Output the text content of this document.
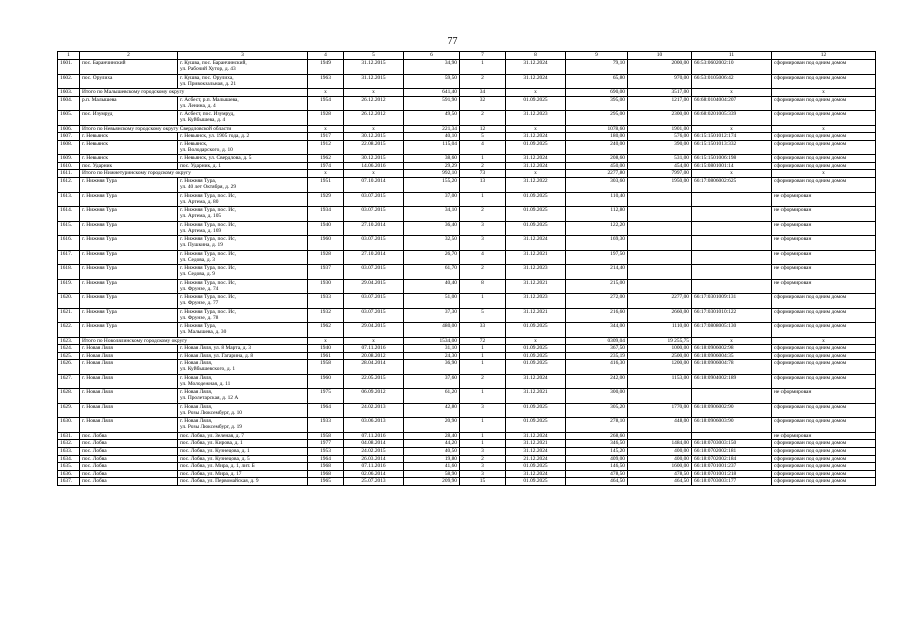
77
1	2	3	4	5	6	7	8	9	10	11	12
1601.	пос. Баранчинский	г. Кушва, пос. Баранчинский,
ул. Рабочий Хутор, д. 43	1949	31.12.2015	34,90	1	31.12.2024	79,10	2000,00	66:53:0602002:10	сформирован под одним домом
1602.	пос. Орулиха	г. Кушва, пос. Орулиха,
ул. Привокзальная, д. 21	1963	31.12.2015	59,50	2	31.12.2024	65,80	970,00	66:53:0105006:42	сформирован под одним домом
1603.	Итого по Малышевскому городскому округу		x	x	641,40	34	x	690,00	3517,00	x	x
1604.	р.п. Малышева	г. Асбест, р.п. Малышева,
ул. Ленина, д. 4	1954	26.12.2012	591,90	32	01.09.2025	395,00	1217,00	66:68:0104004:207	сформирован под одним домом
1605.	пос. Изумруд	г. Асбест, пос. Изумруд,
ул. Куйбышева, д. 4	1928	26.12.2012	49,50	2	31.12.2023	295,00	2300,00	66:68:0201005:339	сформирован под одним домом
1606.	Итого по Невьянскому городскому округу Свердловской области		x	x	221,34	12	x	1078,60	1901,00	x	x
1607.	г. Невьянск	г. Невьянск, ул. 1905 года, д. 2	1917	30.12.2015	40,10	5	31.12.2024	180,00	576,00	66:15:1501012:174	сформирован под одним домом
1608.	г. Невьянск	г. Невьянск,
ул. Володарского, д. 10	1912	22.08.2015	115,04	4	01.09.2025	240,00	390,00	66:15:1501013:332	сформирован под одним домом
1609.	г. Невьянск	г. Невьянск, ул. Свердлова, д. 5	1962	30.12.2015	38,60	1	31.12.2024	208,60	531,00	66:15:1501006:198	сформирован под одним домом
1610.	пос. Ударник	пос. Ударник, д. 1	1974	14.06.2016	29,29	2	31.12.2024	450,00	454,00	66:15:0801001:14	сформирован под одним домом
1611.	Итого по Нижнетуринскому городскому округу		x	x	992,10	73	x	2277,80	7997,00	x	x
1612.	г. Нижняя Тура	г. Нижняя Тура,
ул. 40 лет Октября, д. 29	1951	07.10.2014	155,20	13	31.12.2022	303,60	1950,00	66:17:0806002:625	сформирован под одним домом
1613.	г. Нижняя Тура	г. Нижняя Тура, пос. Ис,
ул. Артема, д. 80	1929	03.07.2015	37,00	1	01.09.2025	110,40			не сформирован
1614.	г. Нижняя Тура	г. Нижняя Тура, пос. Ис,
ул. Артема, д. 105	1934	03.07.2015	34,10	2	01.09.2025	112,80			не сформирован
1615.	г. Нижняя Тура	г. Нижняя Тура, пос. Ис,
ул. Артема, д. 169	1940	27.10.2014	36,40	3	01.09.2025	122,20			не сформирован
1616.	г. Нижняя Тура	г. Нижняя Тура, пос. Ис,
ул. Пушкина, д. 19	1960	03.07.2015	32,50	3	31.12.2024	169,30			не сформирован
1617.	г. Нижняя Тура	г. Нижняя Тура, пос. Ис,
ул. Седова, д. 3	1928	27.10.2014	26,70	4	31.12.2021	197,50			не сформирован
1618.	г. Нижняя Тура	г. Нижняя Тура, пос. Ис,
ул. Седова, д. 9	1937	03.07.2015	61,70	2	31.12.2023	214,40			не сформирован
1619.	г. Нижняя Тура	г. Нижняя Тура, пос. Ис,
ул. Фрунзе, д. 74	1930	29.04.2015	40,40	8	31.12.2021	215,00			не сформирован
1620.	г. Нижняя Тура	г. Нижняя Тура, пос. Ис,
ул. Фрунзе, д. 77	1933	03.07.2015	51,00	1	31.12.2023	272,00	2277,00	66:17:0301009:131	сформирован под одним домом
1621.	г. Нижняя Тура	г. Нижняя Тура, пос. Ис,
ул. Фрунзе, д. 78	1932	03.07.2015	37,30	5	31.12.2021	216,60	2660,00	66:17:0301010:122	сформирован под одним домом
1622.	г. Нижняя Тура	г. Нижняя Тура,
ул. Малышева, д. 30	1962	29.04.2015	480,00	33	01.09.2025	344,00	1110,00	66:17:0808005:130	сформирован под одним домом
1623.	Итого по Новолялинскому городскому округу		x	x	1534,00	72	x	0309,04	19 255,75	x	x
1624.	г. Новая Ляля	г. Новая Ляля, ул. 8 Марта, д. 3	1940	07.11.2016	31,10	1	01.09.2025	367,50	1000,00	66:18:0906002:98	сформирован под одним домом
1625.	г. Новая Ляля	г. Новая Ляля, ул. Гагарина, д. 8	1961	20.08.2012	24,30	1	01.09.2025	235,19	2500,00	66:18:0906004:35	сформирован под одним домом
1626.	г. Новая Ляля	г. Новая Ляля,
ул. Куйбышевского, д. 1	1958	28.04.2014	36,90	1	01.09.2025	416,30	1200,00	66:18:0906004:78	сформирован под одним домом
1627.	г. Новая Ляля	г. Новая Ляля,
ул. Молодежная, д. 11	1960	22.05.2015	37,60	2	31.12.2024	242,00	1153,00	66:18:0904002:189	сформирован под одним домом
1628.	г. Новая Ляля	г. Новая Ляля,
ул. Пролетарская, д. 12 А	1975	06.09.2012	61,20	1	31.12.2021	300,00			не сформирован
1629.	г. Новая Ляля	г. Новая Ляля,
ул. Розы Люксембург, д. 10	1964	24.02.2013	42,80	3	01.09.2025	305,20	1770,00	66:18:0906002:90	сформирован под одним домом
1630.	г. Новая Ляля	г. Новая Ляля,
ул. Розы Люксембург, д. 19	1933	03.06.2013	20,90	1	01.09.2025	278,10	448,00	66:18:0906003:90	сформирован под одним домом
1631.	пос. Лобва	пос. Лобва, ул. Зеленая, д. 7	1958	07.11.2016	28,40	1	31.12.2024	268,60			не сформирован
1632.	пос. Лобва	пос. Лобва, ул. Кирова, д. 1	1977	04.08.2014	44,20	1	31.12.2021	346,50	1484,00	66:18:0703003:150	сформирован под одним домом
1633.	пос. Лобва	пос. Лобва, ул. Кузнецова, д. 1	1953	24.02.2015	40,50	3	31.12.2024	145,20	400,00	66:18:0702002:181	сформирован под одним домом
1634.	пос. Лобва	пос. Лобва, ул. Кузнецова, д. 5	1964	26.03.2014	19,80	2	21.12.2024	409,00	400,00	66:18:0702002:184	сформирован под одним домом
1635.	пос. Лобва	пос. Лобва, ул. Мира, д. 1, лит. Б	1968	07.11.2016	41,60	3	01.09.2025	146,50	1600,00	66:18:0701001:237	сформирован под одним домом
1636.	пос. Лобва	пос. Лобва, ул. Мира, д. 17	1968	02.06.2014	58,90	3	31.12.2024	478,50	478,50	66:18:0701001:218	сформирован под одним домом
1637.	пос. Лобва	пос. Лобва, ул. Первомайская, д. 9	1965	25.07.2013	209,90	15	01.09.2025	464,50	464,50	66:18:0703003:177	сформирован под одним домом
